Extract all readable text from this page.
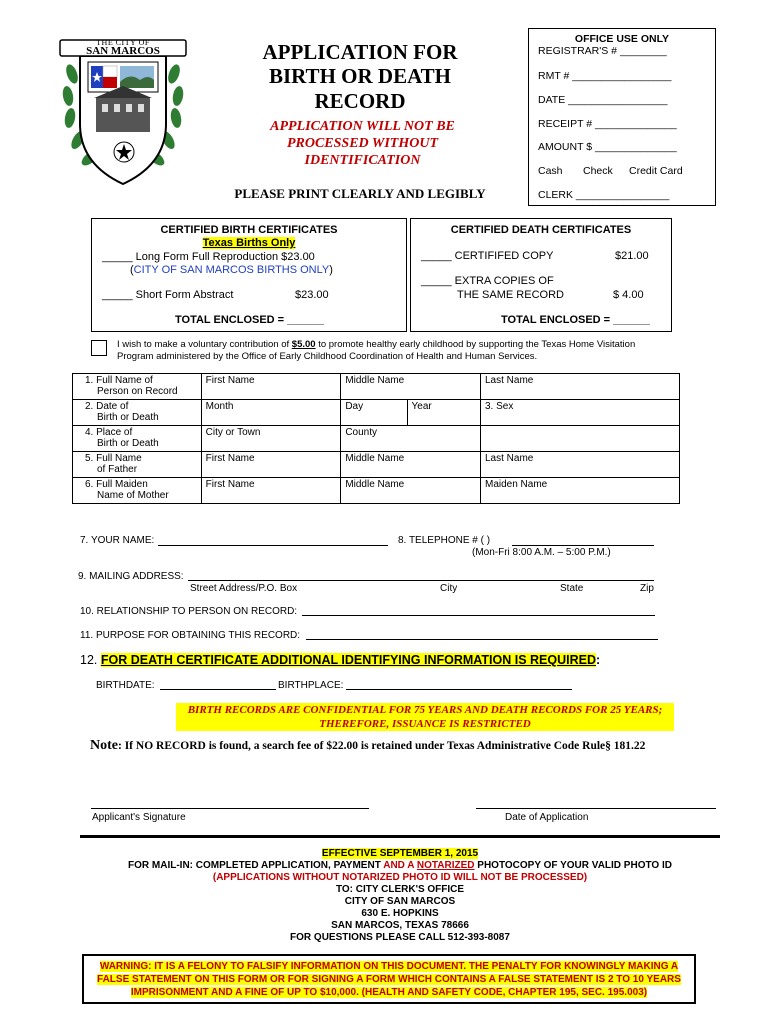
THE CITY OF
SAN MARCOS	APPLICATION FOR
BIRTH OR DEATH RECORD
APPLICATION WILL NOT BE PROCESSED WITHOUT IDENTIFICATION
PLEASE PRINT CLEARLY AND LEGIBLY
OFFICE USE ONLY
REGISTRAR'S # ________
RMT # _________________
DATE _________________
RECEIPT # ______________
AMOUNT $ ______________
Cash Check Credit Card
CLERK ________________
CERTIFIED BIRTH CERTIFICATES
Texas Births Only
_____ Long Form Full Reproduction $23.00
(CITY OF SAN MARCOS BIRTHS ONLY)
_____ Short Form Abstract	$23.00
TOTAL ENCLOSED = ______
CERTIFIED DEATH CERTIFICATES
_____ CERTIFIFED COPY	$21.00
_____ EXTRA COPIES OF
THE SAME RECORD	$ 4.00
TOTAL ENCLOSED = ______
I wish to make a voluntary contribution of $5.00 to promote healthy early childhood by supporting the Texas Home Visitation Program administered by the Office of Early Childhood Coordination of Health and Human Services.
1. Full Name of
Person on Record	First Name	Middle Name		Last Name

2. Date of
Birth or Death	Month	Day	Year	3. Sex

4. Place of
Birth or Death	City or Town	County		

5. Full Name
of Father	First Name	Middle Name		Last Name

6. Full Maiden
Name of Mother	First Name	Middle Name		Maiden Name
7. YOUR NAME:	8. TELEPHONE # ( )
(Mon-Fri 8:00 A.M. – 5:00 P.M.)
9. MAILING ADDRESS:
Street Address/P.O. Box	City	State	Zip
10. RELATIONSHIP TO PERSON ON RECORD:
11. PURPOSE FOR OBTAINING THIS RECORD:
12. FOR DEATH CERTIFICATE ADDITIONAL IDENTIFYING INFORMATION IS REQUIRED:
BIRTHDATE:	BIRTHPLACE:
BIRTH RECORDS ARE CONFIDENTIAL FOR 75 YEARS AND DEATH RECORDS FOR 25 YEARS;
THEREFORE, ISSUANCE IS RESTRICTED
Note: If NO RECORD is found, a search fee of $22.00 is retained under Texas Administrative Code Rule§ 181.22
Applicant's Signature	Date of Application
EFFECTIVE SEPTEMBER 1, 2015
FOR MAIL-IN: COMPLETED APPLICATION, PAYMENT AND A NOTARIZED PHOTOCOPY OF YOUR VALID PHOTO ID
(APPLICATIONS WITHOUT NOTARIZED PHOTO ID WILL NOT BE PROCESSED)
TO: CITY CLERK'S OFFICE
CITY OF SAN MARCOS
630 E. HOPKINS
SAN MARCOS, TEXAS 78666
FOR QUESTIONS PLEASE CALL 512-393-8087
WARNING: IT IS A FELONY TO FALSIFY INFORMATION ON THIS DOCUMENT. THE PENALTY FOR KNOWINGLY MAKING A FALSE STATEMENT ON THIS FORM OR FOR SIGNING A FORM WHICH CONTAINS A FALSE STATEMENT IS 2 TO 10 YEARS IMPRISONMENT AND A FINE OF UP TO $10,000. (HEALTH AND SAFETY CODE, CHAPTER 195, SEC. 195.003)
